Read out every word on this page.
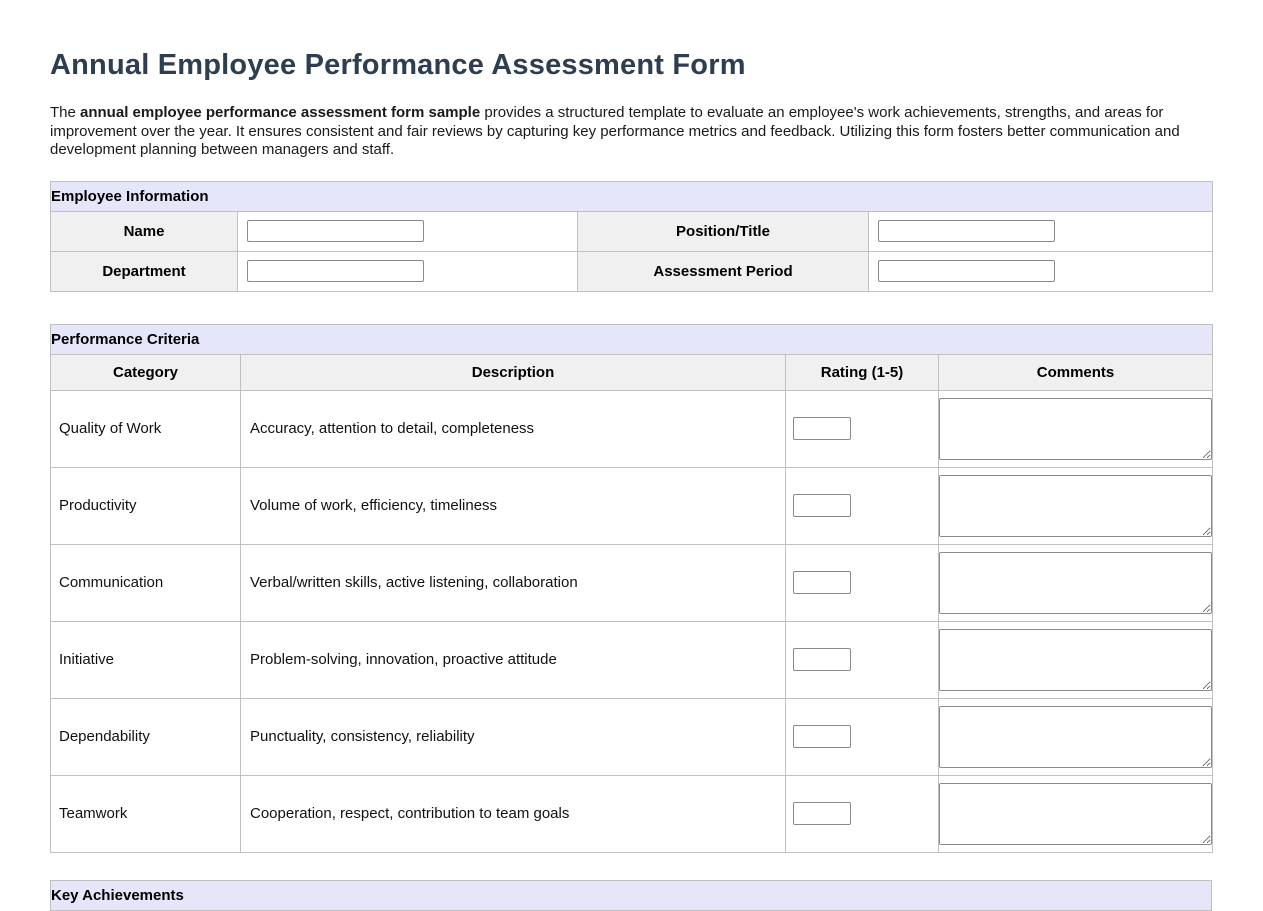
Annual Employee Performance Assessment Form

The annual employee performance assessment form sample provides a structured template to evaluate an employee's work achievements, strengths, and areas for improvement over the year. It ensures consistent and fair reviews by capturing key performance metrics and feedback. Utilizing this form fosters better communication and development planning between managers and staff.

Employee Information			
Name		Position/Title	
Department		Assessment Period	
Performance Criteria			
Category	Description	Rating (1-5)	Comments
Quality of Work	Accuracy, attention to detail, completeness		

Productivity	Volume of work, efficiency, timeliness		

Communication	Verbal/written skills, active listening, collaboration		

Initiative	Problem-solving, innovation, proactive attitude		

Dependability	Punctuality, consistency, reliability		

Teamwork	Cooperation, respect, contribution to team goals		
Key Achievements
